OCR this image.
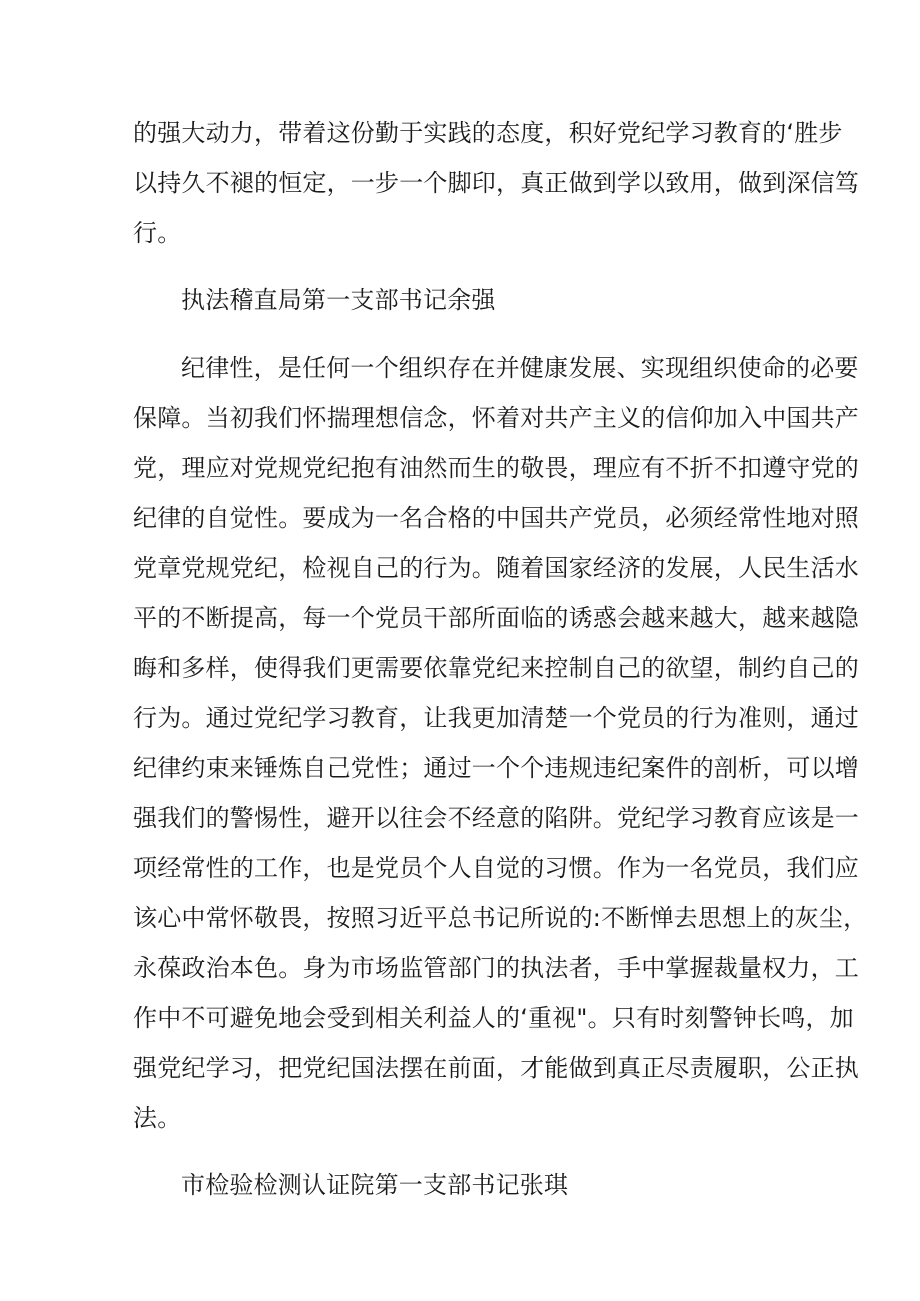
的强大动力，带着这份勤于实践的态度，积好党纪学习教育的‘胜步
以持久不褪的恒定，一步一个脚印，真正做到学以致用，做到深信笃
行。
执法稽直局第一支部书记余强
纪律性，是任何一个组织存在并健康发展、实现组织使命的必要
保障。当初我们怀揣理想信念，怀着对共产主义的信仰加入中国共产
党，理应对党规党纪抱有油然而生的敬畏，理应有不折不扣遵守党的
纪律的自觉性。要成为一名合格的中国共产党员，必须经常性地对照
党章党规党纪，检视自己的行为。随着国家经济的发展，人民生活水
平的不断提高，每一个党员干部所面临的诱惑会越来越大，越来越隐
晦和多样，使得我们更需要依靠党纪来控制自己的欲望，制约自己的
行为。通过党纪学习教育，让我更加清楚一个党员的行为准则，通过
纪律约束来锤炼自己党性；通过一个个违规违纪案件的剖析，可以增
强我们的警惕性，避开以往会不经意的陷阱。党纪学习教育应该是一
项经常性的工作，也是党员个人自觉的习惯。作为一名党员，我们应
该心中常怀敬畏，按照习近平总书记所说的:不断惮去思想上的灰尘，
永葆政治本色。身为市场监管部门的执法者，手中掌握裁量权力，工
作中不可避免地会受到相关利益人的‘重视"。只有时刻警钟长鸣，加
强党纪学习，把党纪国法摆在前面，才能做到真正尽责履职，公正执
法。
市检验检测认证院第一支部书记张琪
